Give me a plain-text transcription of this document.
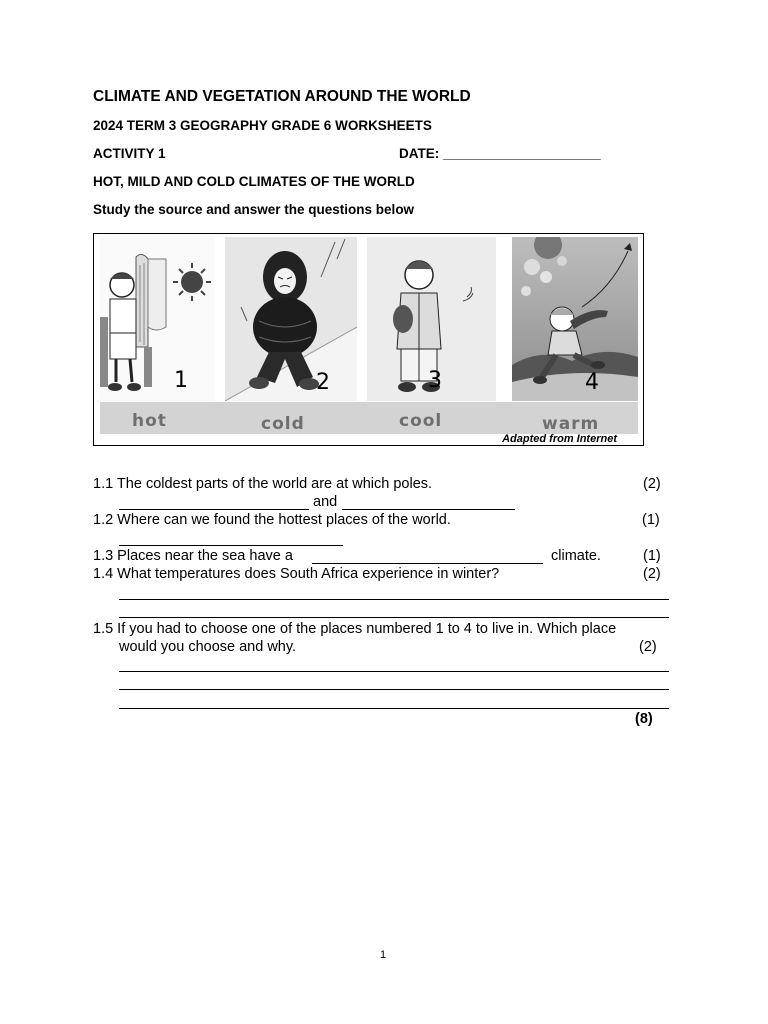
CLIMATE AND VEGETATION AROUND THE WORLD
2024 TERM 3 GEOGRAPHY GRADE 6 WORKSHEETS
ACTIVITY 1	DATE: _____________________
HOT, MILD AND COLD CLIMATES OF THE WORLD
Study the source and answer the questions below
1	2	3	4
hot	cold	cool	warm
Adapted from Internet
1.1 The coldest parts of the world are at which poles.	(2)
and
1.2 Where can we found the hottest places of the world.	(1)
1.3 Places near the sea have a	climate.	(1)
1.4 What temperatures does South Africa experience in winter?	(2)
1.5 If you had to choose one of the places numbered 1 to 4 to live in. Which place
would you choose and why.	(2)
(8)
1
